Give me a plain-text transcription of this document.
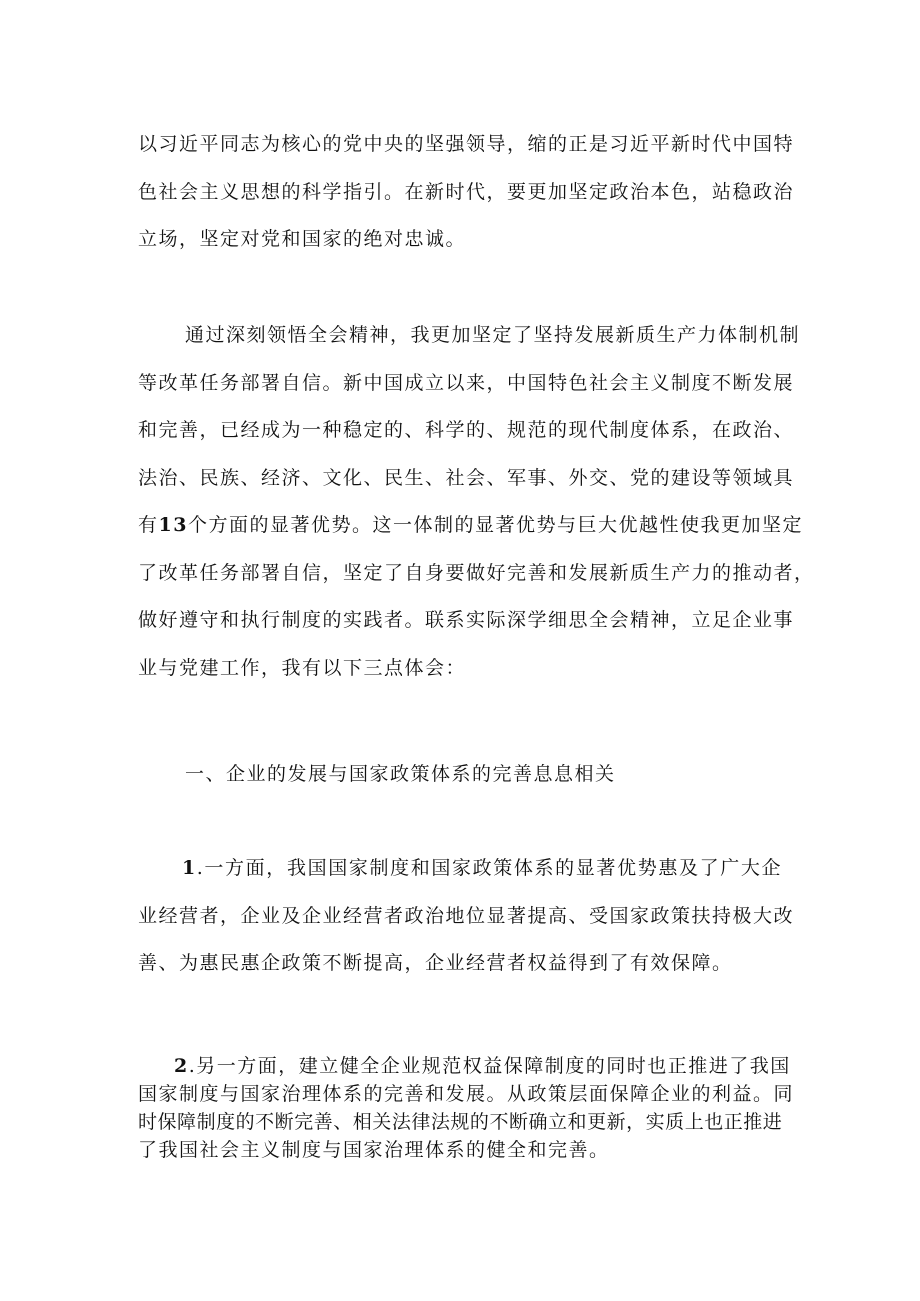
以习近平同志为核心的党中央的坚强领导，缩的正是习近平新时代中国特
色社会主义思想的科学指引。在新时代，要更加坚定政治本色，站稳政治
立场，坚定对党和国家的绝对忠诚。
通过深刻领悟全会精神，我更加坚定了坚持发展新质生产力体制机制
等改革任务部署自信。新中国成立以来，中国特色社会主义制度不断发展
和完善，已经成为一种稳定的、科学的、规范的现代制度体系，在政治、
法治、民族、经济、文化、民生、社会、军事、外交、党的建设等领域具
有13个方面的显著优势。这一体制的显著优势与巨大优越性使我更加坚定
了改革任务部署自信，坚定了自身要做好完善和发展新质生产力的推动者，
做好遵守和执行制度的实践者。联系实际深学细思全会精神，立足企业事
业与党建工作，我有以下三点体会：

一、企业的发展与国家政策体系的完善息息相关

1.一方面，我国国家制度和国家政策体系的显著优势惠及了广大企
业经营者，企业及企业经营者政治地位显著提高、受国家政策扶持极大改
善、为惠民惠企政策不断提高，企业经营者权益得到了有效保障。
2.另一方面，建立健全企业规范权益保障制度的同时也正推进了我国
国家制度与国家治理体系的完善和发展。从政策层面保障企业的利益。同
时保障制度的不断完善、相关法律法规的不断确立和更新，实质上也正推进
了我国社会主义制度与国家治理体系的健全和完善。
